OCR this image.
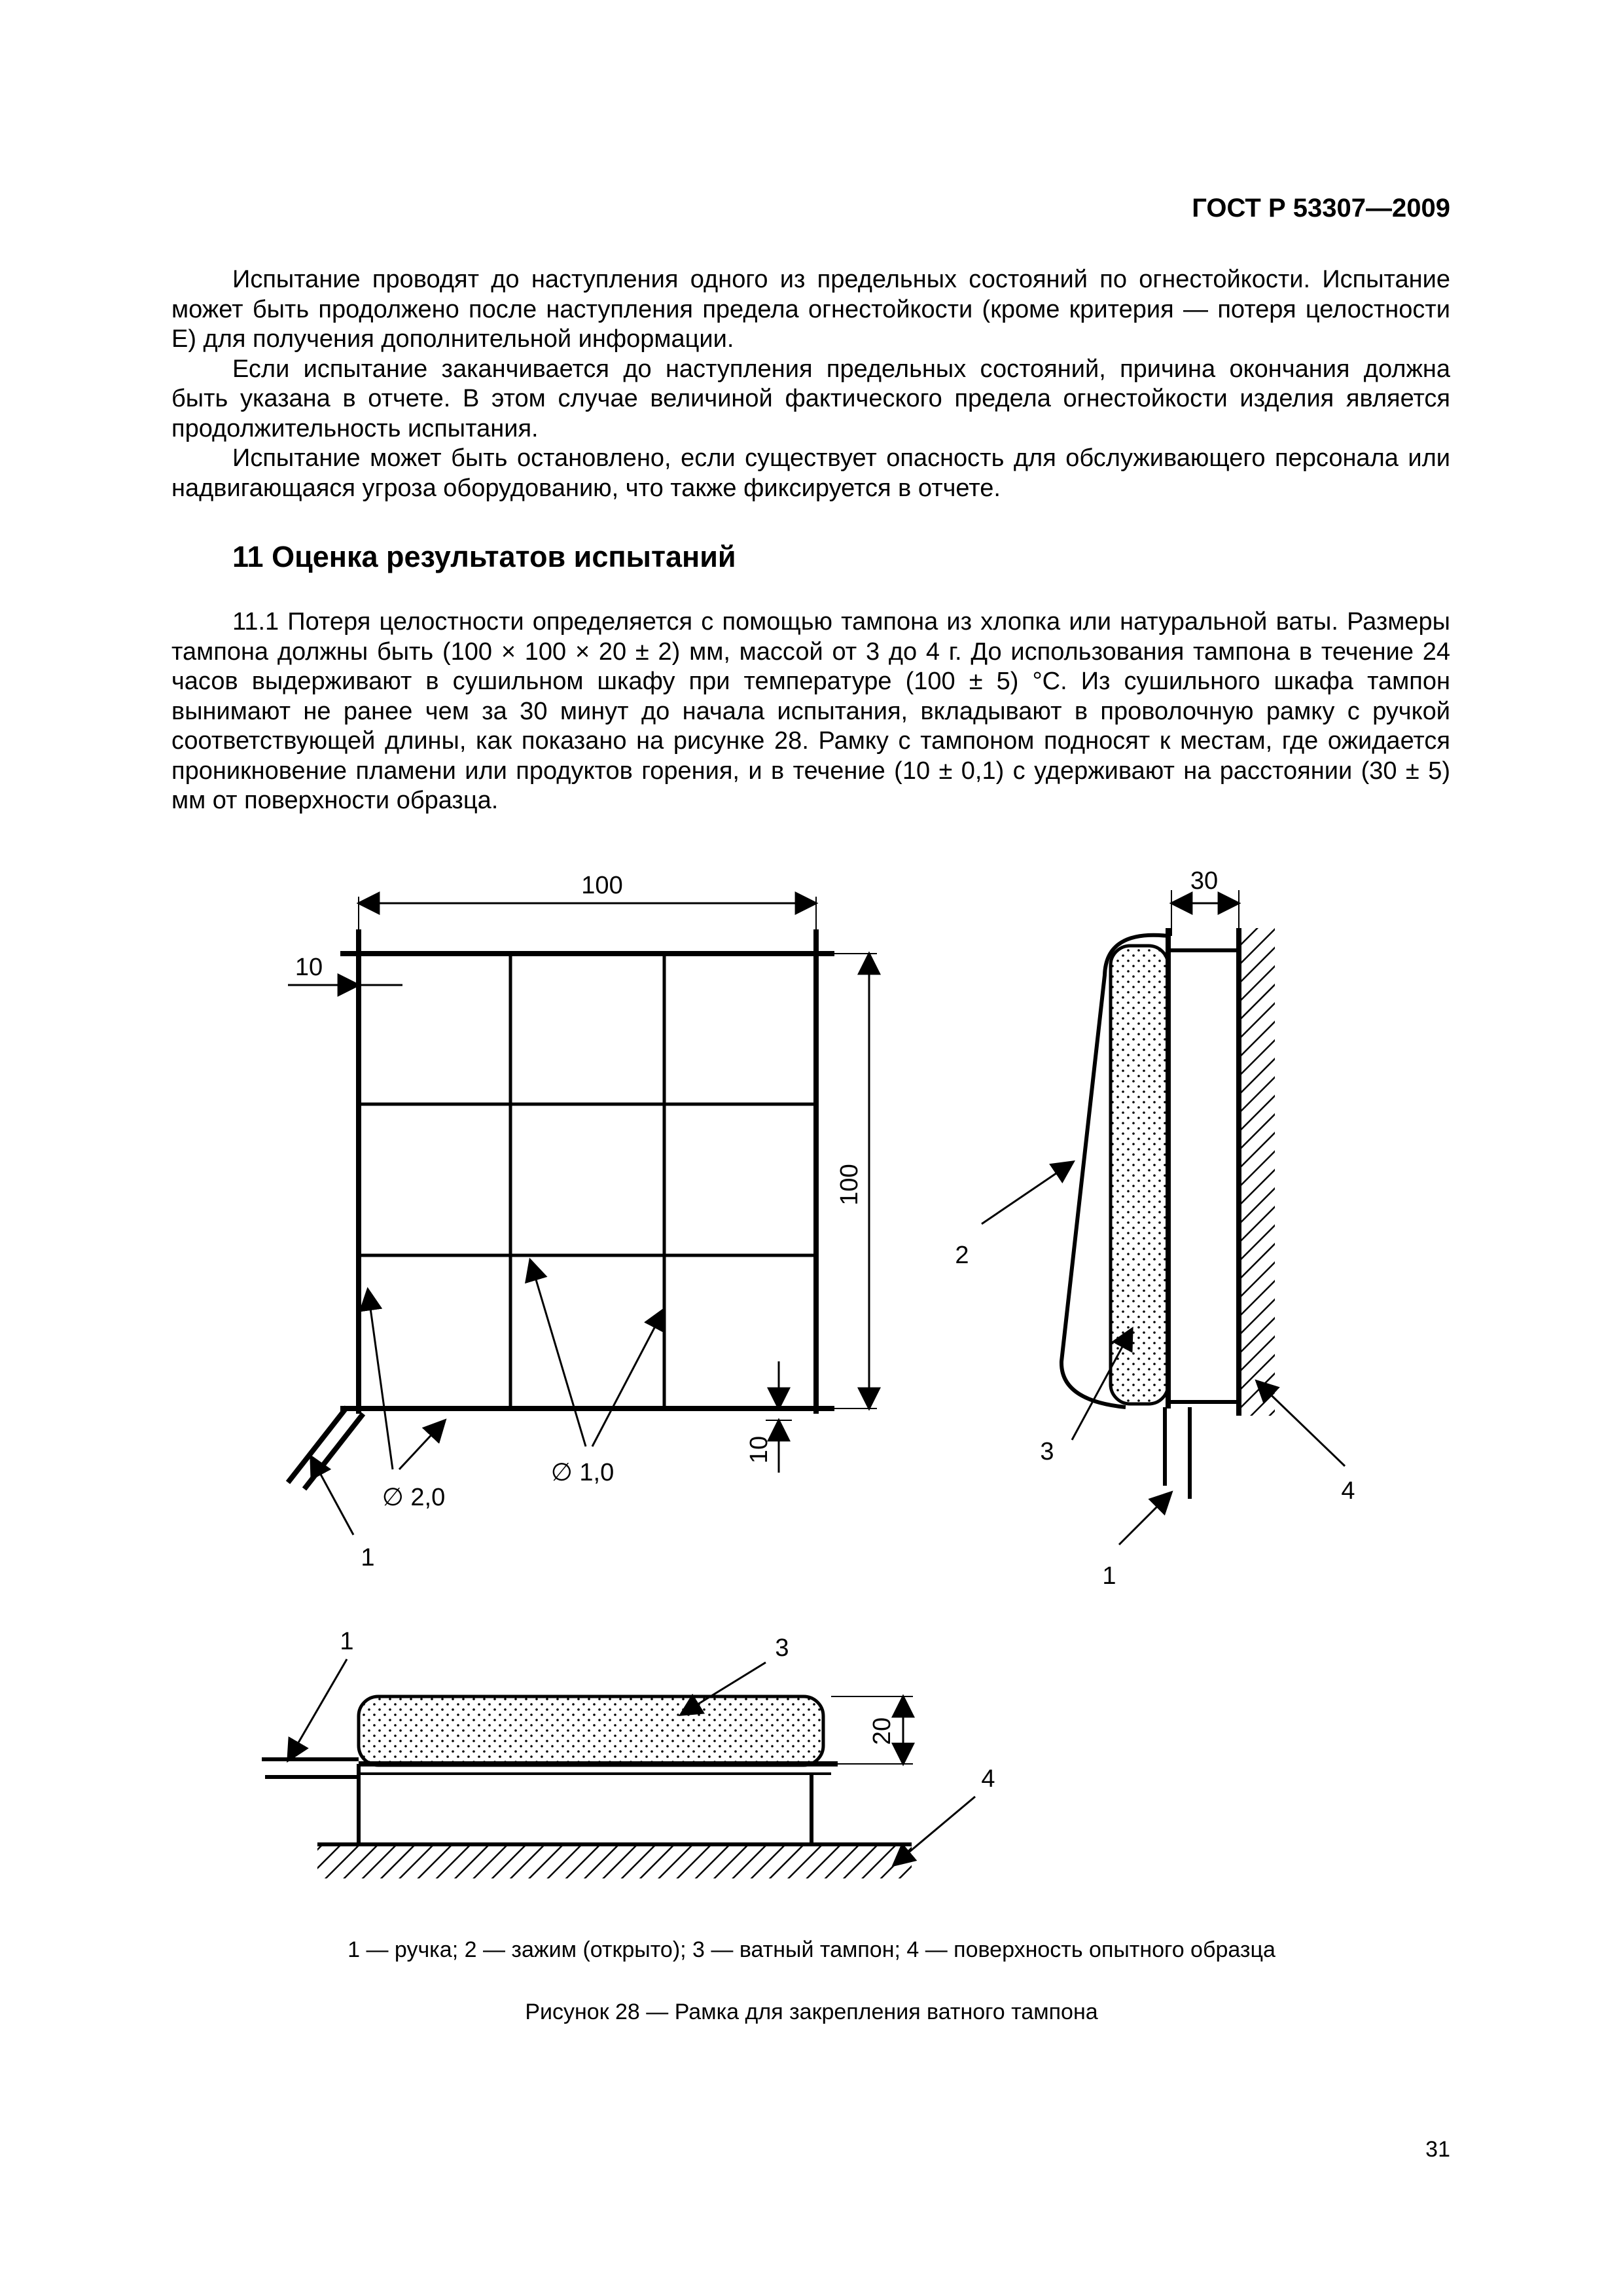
ГОСТ Р 53307—2009

Испытание проводят до наступления одного из предельных состояний по огнестойкости. Испытание может быть продолжено после наступления предела огнестойкости (кроме критерия — потеря целостности Е) для получения дополнительной информации.

Если испытание заканчивается до наступления предельных состояний, причина окончания должна быть указана в отчете. В этом случае величиной фактического предела огнестойкости изделия является продолжительность испытания.

Испытание может быть остановлено, если существует опасность для обслуживающего персонала или надвигающаяся угроза оборудованию, что также фиксируется в отчете.

11 Оценка результатов испытаний

11.1 Потеря целостности определяется с помощью тампона из хлопка или натуральной ваты. Размеры тампона должны быть (100 × 100 × 20 ± 2) мм, массой от 3 до 4 г. До использования тампона в течение 24 часов выдерживают в сушильном шкафу при температуре (100 ± 5) °С. Из сушильного шкафа тампон вынимают не ранее чем за 30 минут до начала испытания, вкладывают в проволочную рамку с ручкой соответствующей длины, как показано на рисунке 28. Рамку с тампоном подносят к местам, где ожидается проникновение пламени или продуктов горения, и в течение (10 ± 0,1) с удерживают на расстоянии (30 ± 5) мм от поверхности образца.

100
100
10
10
∅ 2,0
∅ 1,0
1
30
2
3
4
1
20
1	3
4
1 — ручка; 2 — зажим (открыто); 3 — ватный тампон; 4 — поверхность опытного образца
Рисунок 28 — Рамка для закрепления ватного тампона
31
